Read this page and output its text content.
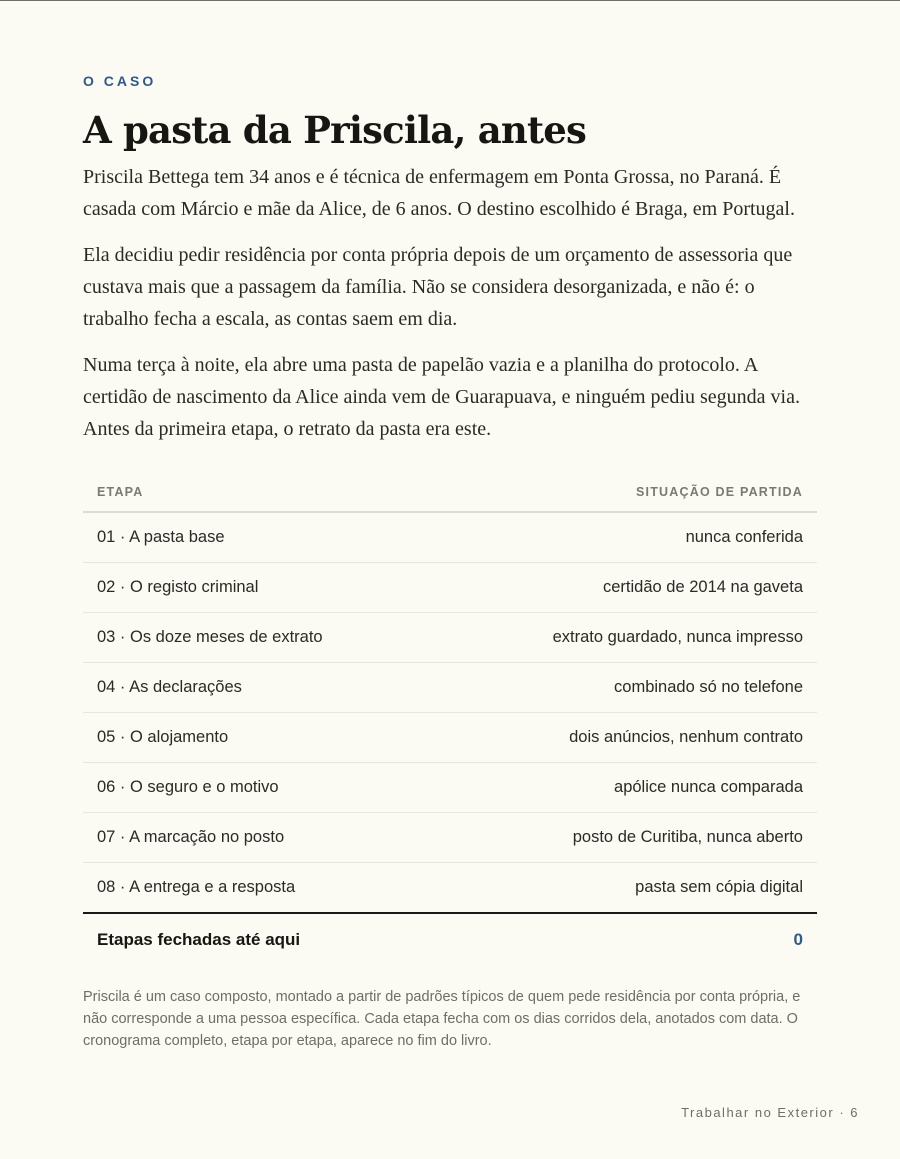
O CASO

A pasta da Priscila, antes

Priscila Bettega tem 34 anos e é técnica de enfermagem em Ponta Grossa, no Paraná. É casada com Márcio e mãe da Alice, de 6 anos. O destino escolhido é Braga, em Portugal.

Ela decidiu pedir residência por conta própria depois de um orçamento de assessoria que custava mais que a passagem da família. Não se considera desorganizada, e não é: o trabalho fecha a escala, as contas saem em dia.

Numa terça à noite, ela abre uma pasta de papelão vazia e a planilha do protocolo. A certidão de nascimento da Alice ainda vem de Guarapuava, e ninguém pediu segunda via. Antes da primeira etapa, o retrato da pasta era este.

ETAPA	SITUAÇÃO DE PARTIDA
01 · A pasta base	nunca conferida
02 · O registo criminal	certidão de 2014 na gaveta
03 · Os doze meses de extrato	extrato guardado, nunca impresso
04 · As declarações	combinado só no telefone
05 · O alojamento	dois anúncios, nenhum contrato
06 · O seguro e o motivo	apólice nunca comparada
07 · A marcação no posto	posto de Curitiba, nunca aberto
08 · A entrega e a resposta	pasta sem cópia digital
Etapas fechadas até aqui	0

Priscila é um caso composto, montado a partir de padrões típicos de quem pede residência por conta própria, e não corresponde a uma pessoa específica. Cada etapa fecha com os dias corridos dela, anotados com data. O cronograma completo, etapa por etapa, aparece no fim do livro.

Trabalhar no Exterior · 6
